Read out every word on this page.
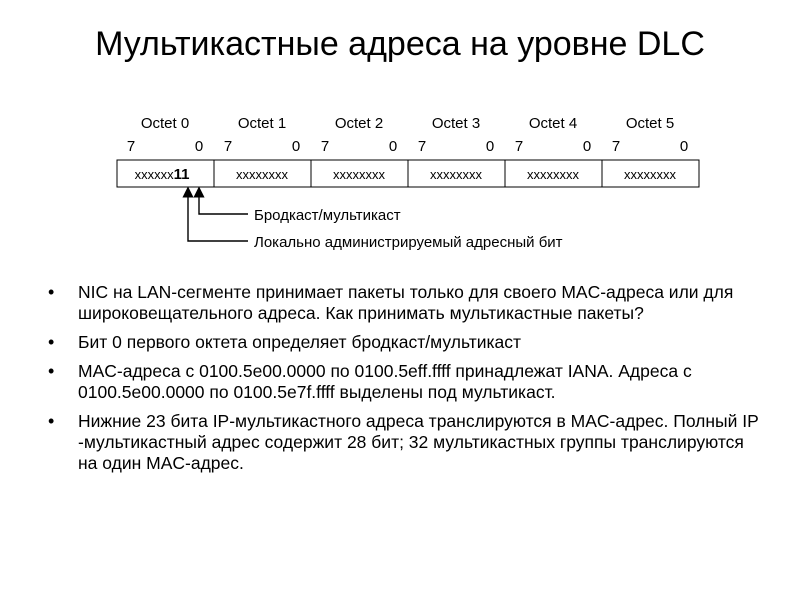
Мультикастные адреса на уровне DLC
Octet 0
7	0
xxxxxx11
Octet 1
7	0
xxxxxxxx
Octet 2
7	0
xxxxxxxx
Octet 3
7	0
xxxxxxxx
Octet 4
7	0
xxxxxxxx
Octet 5
7	0
xxxxxxxx
Бродкаст/мультикаст
Локально администрируемый адресный бит
• NIC на LAN-сегменте принимает пакеты только для своего MAC-адреса или для широковещательного адреса. Как принимать мультикастные пакеты?
• Бит 0 первого октета определяет бродкаст/мультикаст
• MAC-адреса с 0100.5e00.0000 по 0100.5eff.ffff принадлежат IANA. Адреса с 0100.5e00.0000 по 0100.5e7f.ffff выделены под мультикаст.
• Нижние 23 бита IP-мультикастного адреса транслируются в MAC-адрес. Полный IP -мультикастный адрес содержит 28 бит; 32 мультикастных группы транслируются на один MAC-адрес.
